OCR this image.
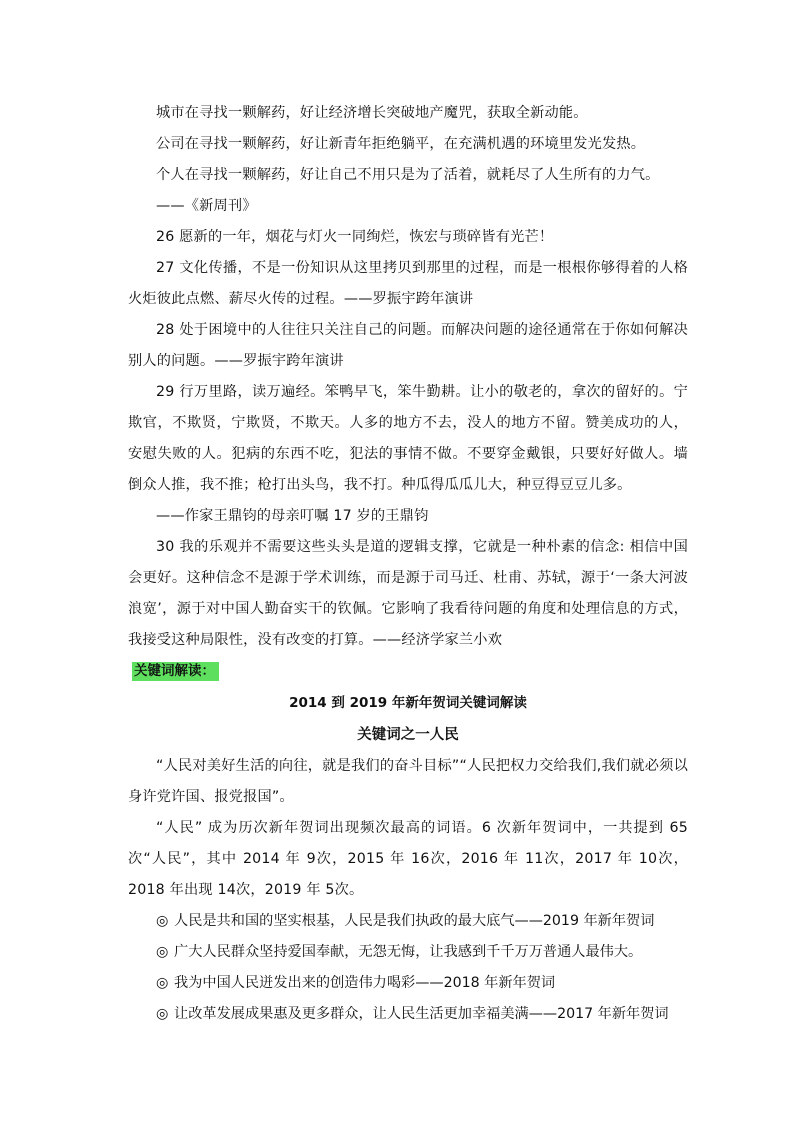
城市在寻找一颗解药，好让经济增长突破地产魔咒，获取全新动能。

公司在寻找一颗解药，好让新青年拒绝躺平，在充满机遇的环境里发光发热。

个人在寻找一颗解药，好让自己不用只是为了活着，就耗尽了人生所有的力气。

——《新周刊》

26 愿新的一年，烟花与灯火一同绚烂，恢宏与琐碎皆有光芒！

27 文化传播，不是一份知识从这里拷贝到那里的过程，而是一根根你够得着的人格火炬彼此点燃、薪尽火传的过程。——罗振宇跨年演讲

28 处于困境中的人往往只关注自己的问题。而解决问题的途径通常在于你如何解决别人的问题。——罗振宇跨年演讲

29 行万里路，读万遍经。笨鸭早飞，笨牛勤耕。让小的敬老的，拿次的留好的。宁欺官，不欺贤，宁欺贤，不欺天。人多的地方不去，没人的地方不留。赞美成功的人，安慰失败的人。犯病的东西不吃，犯法的事情不做。不要穿金戴银，只要好好做人。墙倒众人推，我不推；枪打出头鸟，我不打。种瓜得瓜瓜儿大，种豆得豆豆儿多。

——作家王鼎钧的母亲叮嘱 17 岁的王鼎钧

30 我的乐观并不需要这些头头是道的逻辑支撑，它就是一种朴素的信念: 相信中国会更好。这种信念不是源于学术训练，而是源于司马迁、杜甫、苏轼，源于‘一条大河波浪宽’，源于对中国人勤奋实干的钦佩。它影响了我看待问题的角度和处理信息的方式，我接受这种局限性，没有改变的打算。——经济学家兰小欢

关键词解读：

2014 到 2019 年新年贺词关键词解读

关键词之一人民

“人民对美好生活的向往，就是我们的奋斗目标”“人民把权力交给我们,我们就必须以身许党许国、报党报国”。

“人民” 成为历次新年贺词出现频次最高的词语。6 次新年贺词中，一共提到 65 次“人民”，其中 2014 年 9次，2015 年 16次，2016 年 11次，2017 年 10次，2018 年出现 14次，2019 年 5次。

◎ 人民是共和国的坚实根基，人民是我们执政的最大底气——2019 年新年贺词

◎ 广大人民群众坚持爱国奉献，无怨无悔，让我感到千千万万普通人最伟大。

◎ 我为中国人民迸发出来的创造伟力喝彩——2018 年新年贺词

◎ 让改革发展成果惠及更多群众，让人民生活更加幸福美满——2017 年新年贺词
